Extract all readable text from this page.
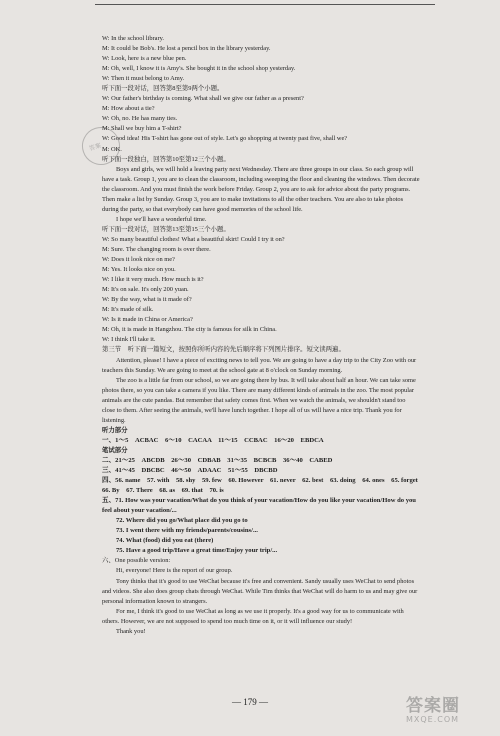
答案

W: In the school library.

M: It could be Bob's. He lost a pencil box in the library yesterday.

W: Look, here is a new blue pen.

M: Oh, well, I know it is Amy's. She bought it in the school shop yesterday.

W: Then it must belong to Amy.

听下面一段对话，回答第8至第9两个小题。

W: Our father's birthday is coming. What shall we give our father as a present?

M: How about a tie?

W: Oh, no. He has many ties.

M: Shall we buy him a T-shirt?

W: Good idea! His T-shirt has gone out of style. Let's go shopping at twenty past five, shall we?

M: OK.

听下面一段独白，回答第10至第12三个小题。

Boys and girls, we will hold a leaving party next Wednesday. There are three groups in our class. So each group will have a task. Group 1, you are to clean the classroom, including sweeping the floor and cleaning the windows. Then decorate the classroom. And you must finish the work before Friday. Group 2, you are to ask for advice about the party programs. Then make a list by Sunday. Group 3, you are to make invitations to all the other teachers. You are also to take photos during the party, so that everybody can have good memories of the school life.

I hope we'll have a wonderful time.

听下面一段对话，回答第13至第15三个小题。

W: So many beautiful clothes! What a beautiful skirt! Could I try it on?

M: Sure. The changing room is over there.

W: Does it look nice on me?

M: Yes. It looks nice on you.

W: I like it very much. How much is it?

M: It's on sale. It's only 200 yuan.

W: By the way, what is it made of?

M: It's made of silk.

W: Is it made in China or America?

M: Oh, it is made in Hangzhou. The city is famous for silk in China.

W: I think I'll take it.

第三节　听下面一篇短文，按照你所听内容的先后顺序将下列图片排序。短文读两遍。

Attention, please! I have a piece of exciting news to tell you. We are going to have a day trip to the City Zoo with our teachers this Sunday. We are going to meet at the school gate at 8 o'clock on Sunday morning.

The zoo is a little far from our school, so we are going there by bus. It will take about half an hour. We can take some photos there, so you can take a camera if you like. There are many different kinds of animals in the zoo. The most popular animals are the cute pandas. But remember that safety comes first. When we watch the animals, we shouldn't stand too close to them. After seeing the animals, we'll have lunch together. I hope all of us will have a nice trip. Thank you for listening.

听力部分

一、1～5　ACBAC　6～10　CACAA　11～15　CCBAC　16～20　EBDCA

笔试部分

二、21～25　ABCDB　26～30　CDBAB　31～35　BCBCB　36～40　CABED

三、41～45　DBCBC　46～50　ADAAC　51～55　DBCBD

四、56. name　57. with　58. shy　59. few　60. However　61. never　62. best　63. doing　64. ones　65. forget　66. By　67. There　68. as　69. that　70. is

五、71. How was your vacation/What do you think of your vacation/How do you like your vacation/How do you feel about your vacation/...

72. Where did you go/What place did you go to

73. I went there with my friends/parents/cousins/...

74. What (food) did you eat (there)

75. Have a good trip/Have a great time/Enjoy your trip/...

六、One possible version:

Hi, everyone! Here is the report of our group.

Tony thinks that it's good to use WeChat because it's free and convenient. Sandy usually uses WeChat to send photos and videos. She also does group chats through WeChat. While Tim thinks that WeChat will do harm to us and may give our personal information known to strangers.

For me, I think it's good to use WeChat as long as we use it properly. It's a good way for us to communicate with others. However, we are not supposed to spend too much time on it, or it will influence our study!

Thank you!

— 179 —	答案圈
MXQE.COM
